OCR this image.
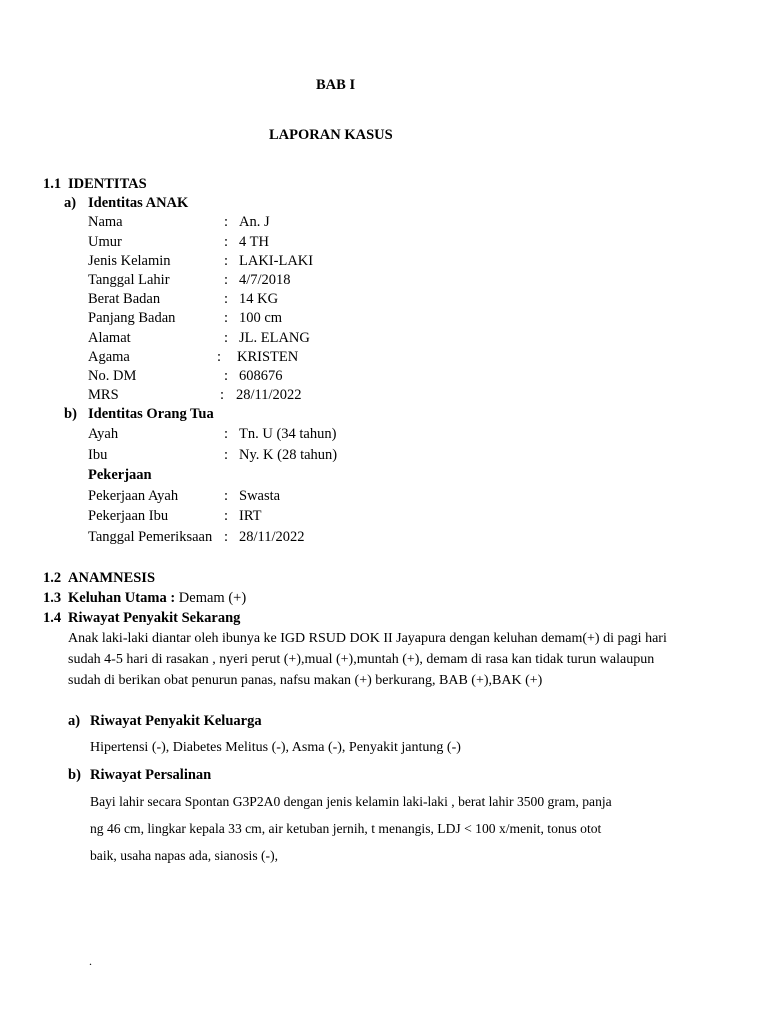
BAB I
LAPORAN KASUS
1.1 IDENTITAS
a) Identitas ANAK
Nama	: An. J
Umur	: 4 TH
Jenis Kelamin	: LAKI-LAKI
Tanggal Lahir	: 4/7/2018
Berat Badan	: 14 KG
Panjang Badan	: 100 cm
Alamat	: JL. ELANG
Agama	: KRISTEN
No. DM	: 608676
MRS	: 28/11/2022
b) Identitas Orang Tua
Ayah	: Tn. U (34 tahun)
Ibu	: Ny. K (28 tahun)
Pekerjaan
Pekerjaan Ayah	: Swasta
Pekerjaan Ibu	: IRT
Tanggal Pemeriksaan : 28/11/2022
1.2 ANAMNESIS
1.3 Keluhan Utama : Demam (+)
1.4 Riwayat Penyakit Sekarang
Anak laki-laki diantar oleh ibunya ke IGD RSUD DOK II Jayapura dengan keluhan demam(+) di pagi hari
sudah 4-5 hari di rasakan , nyeri perut (+),mual (+),muntah (+), demam di rasa kan tidak turun walaupun
sudah di berikan obat penurun panas, nafsu makan (+) berkurang, BAB (+),BAK (+)
a) Riwayat Penyakit Keluarga
Hipertensi (-), Diabetes Melitus (-), Asma (-), Penyakit jantung (-)
b) Riwayat Persalinan
Bayi lahir secara Spontan G3P2A0 dengan jenis kelamin laki-laki , berat lahir 3500 gram, panja
ng 46 cm, lingkar kepala 33 cm, air ketuban jernih, t menangis, LDJ < 100 x/menit, tonus otot
baik, usaha napas ada, sianosis (-),
.
